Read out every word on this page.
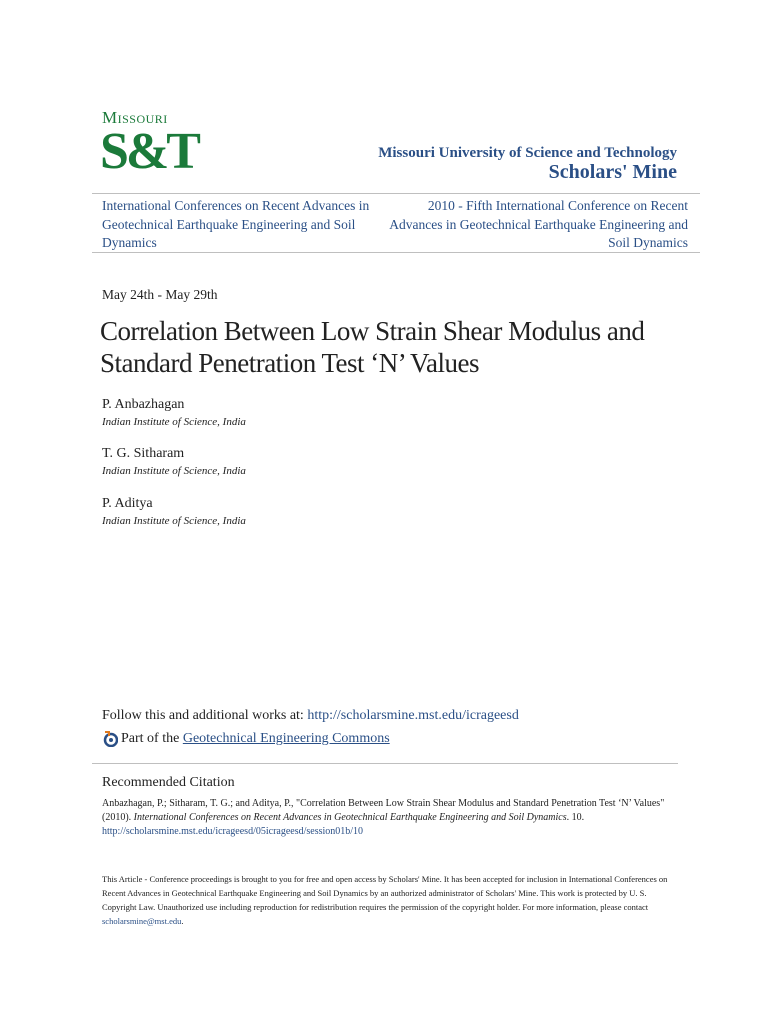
Missouri
S&T	Missouri University of Science and Technology
Scholars' Mine
International Conferences on Recent Advances in Geotechnical Earthquake Engineering and Soil Dynamics
2010 - Fifth International Conference on Recent Advances in Geotechnical Earthquake Engineering and Soil Dynamics
May 24th - May 29th
Correlation Between Low Strain Shear Modulus and Standard Penetration Test ‘N’ Values
P. Anbazhagan
Indian Institute of Science, India
T. G. Sitharam
Indian Institute of Science, India
P. Aditya
Indian Institute of Science, India
Follow this and additional works at: http://scholarsmine.mst.edu/icrageesd
Part of the
Geotechnical Engineering Commons
Recommended Citation
Anbazhagan, P.; Sitharam, T. G.; and Aditya, P., "Correlation Between Low Strain Shear Modulus and Standard Penetration Test ‘N’ Values" (2010). International Conferences on Recent Advances in Geotechnical Earthquake Engineering and Soil Dynamics. 10.
http://scholarsmine.mst.edu/icrageesd/05icrageesd/session01b/10
This Article - Conference proceedings is brought to you for free and open access by Scholars' Mine. It has been accepted for inclusion in International Conferences on Recent Advances in Geotechnical Earthquake Engineering and Soil Dynamics by an authorized administrator of Scholars' Mine. This work is protected by U. S. Copyright Law. Unauthorized use including reproduction for redistribution requires the permission of the copyright holder. For more information, please contact scholarsmine@mst.edu.
